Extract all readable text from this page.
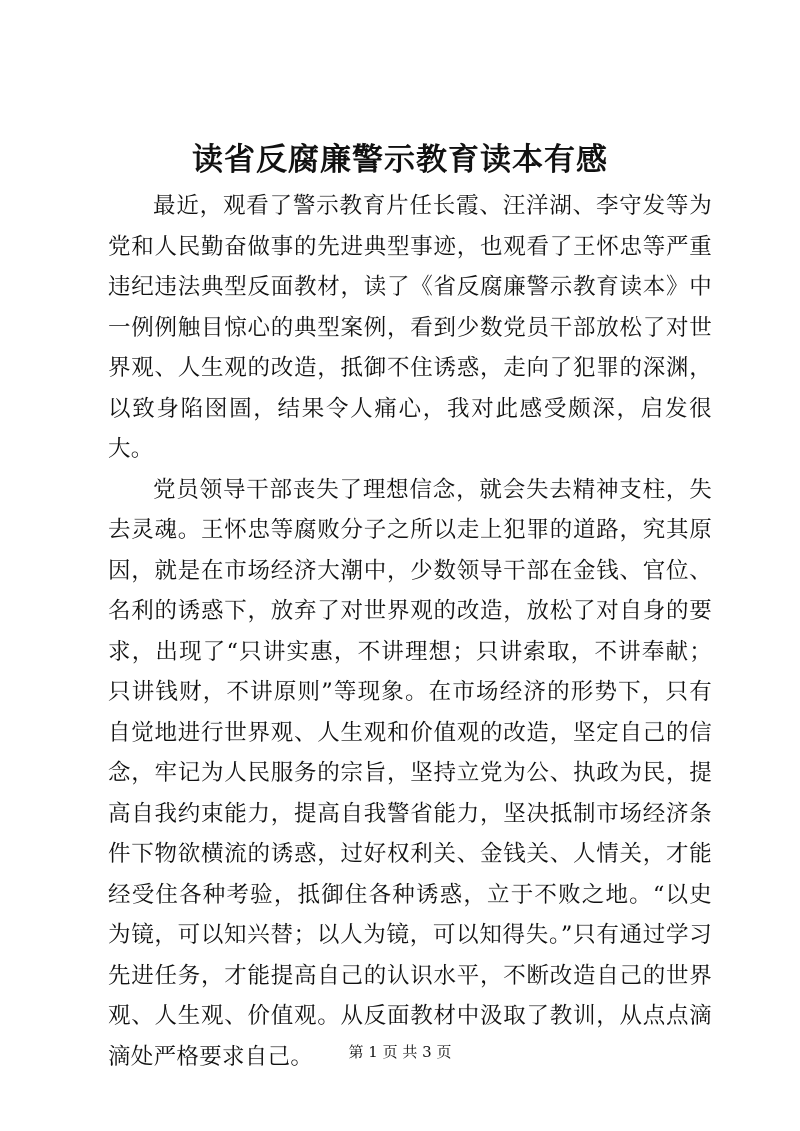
读省反腐廉警示教育读本有感

最近，观看了警示教育片任长霞、汪洋湖、李守发等为党和人民勤奋做事的先进典型事迹，也观看了王怀忠等严重违纪违法典型反面教材，读了《省反腐廉警示教育读本》中一例例触目惊心的典型案例，看到少数党员干部放松了对世界观、人生观的改造，抵御不住诱惑，走向了犯罪的深渊，以致身陷囹圄，结果令人痛心，我对此感受颇深，启发很大。

党员领导干部丧失了理想信念，就会失去精神支柱，失去灵魂。王怀忠等腐败分子之所以走上犯罪的道路，究其原因，就是在市场经济大潮中，少数领导干部在金钱、官位、名利的诱惑下，放弃了对世界观的改造，放松了对自身的要求，出现了“只讲实惠，不讲理想；只讲索取，不讲奉献；只讲钱财，不讲原则”等现象。在市场经济的形势下，只有自觉地进行世界观、人生观和价值观的改造，坚定自己的信念，牢记为人民服务的宗旨，坚持立党为公、执政为民，提高自我约束能力，提高自我警省能力，坚决抵制市场经济条件下物欲横流的诱惑，过好权利关、金钱关、人情关，才能经受住各种考验，抵御住各种诱惑，立于不败之地。“以史为镜，可以知兴替；以人为镜，可以知得失。”只有通过学习先进任务，才能提高自己的认识水平，不断改造自己的世界观、人生观、价值观。从反面教材中汲取了教训，从点点滴滴处严格要求自己。	第 1 页 共 3 页
